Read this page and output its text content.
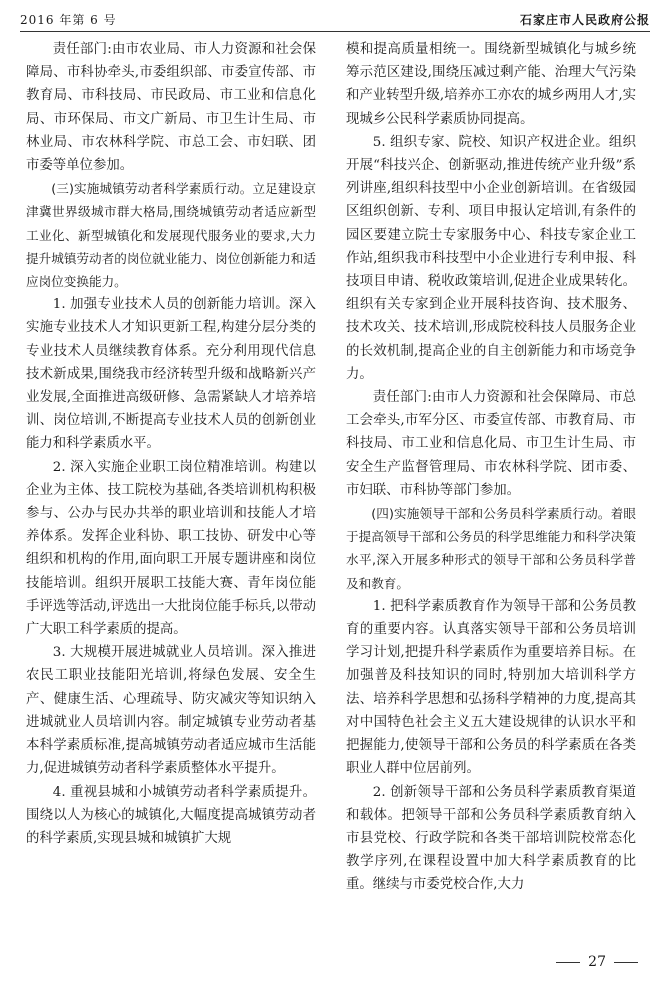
2016 年第 6 号	石家庄市人民政府公报

责任部门:由市农业局、市人力资源和社会保障局、市科协牵头,市委组织部、市委宣传部、市教育局、市科技局、市民政局、市工业和信息化局、市环保局、市文广新局、市卫生计生局、市林业局、市农林科学院、市总工会、市妇联、团市委等单位参加。

(三)实施城镇劳动者科学素质行动。立足建设京津冀世界级城市群大格局,围绕城镇劳动者适应新型工业化、新型城镇化和发展现代服务业的要求,大力提升城镇劳动者的岗位就业能力、岗位创新能力和适应岗位变换能力。

1. 加强专业技术人员的创新能力培训。深入实施专业技术人才知识更新工程,构建分层分类的专业技术人员继续教育体系。充分利用现代信息技术新成果,围绕我市经济转型升级和战略新兴产业发展,全面推进高级研修、急需紧缺人才培养培训、岗位培训,不断提高专业技术人员的创新创业能力和科学素质水平。

2. 深入实施企业职工岗位精准培训。构建以企业为主体、技工院校为基础,各类培训机构积极参与、公办与民办共举的职业培训和技能人才培养体系。发挥企业科协、职工技协、研发中心等组织和机构的作用,面向职工开展专题讲座和岗位技能培训。组织开展职工技能大赛、青年岗位能手评选等活动,评选出一大批岗位能手标兵,以带动广大职工科学素质的提高。

3. 大规模开展进城就业人员培训。深入推进农民工职业技能阳光培训,将绿色发展、安全生产、健康生活、心理疏导、防灾减灾等知识纳入进城就业人员培训内容。制定城镇专业劳动者基本科学素质标准,提高城镇劳动者适应城市生活能力,促进城镇劳动者科学素质整体水平提升。

4. 重视县城和小城镇劳动者科学素质提升。围绕以人为核心的城镇化,大幅度提高城镇劳动者的科学素质,实现县城和城镇扩大规

模和提高质量相统一。围绕新型城镇化与城乡统筹示范区建设,围绕压减过剩产能、治理大气污染和产业转型升级,培养亦工亦农的城乡两用人才,实现城乡公民科学素质协同提高。

5. 组织专家、院校、知识产权进企业。组织开展“科技兴企、创新驱动,推进传统产业升级”系列讲座,组织科技型中小企业创新培训。在省级园区组织创新、专利、项目申报认定培训,有条件的园区要建立院士专家服务中心、科技专家企业工作站,组织我市科技型中小企业进行专利申报、科技项目申请、税收政策培训,促进企业成果转化。组织有关专家到企业开展科技咨询、技术服务、技术攻关、技术培训,形成院校科技人员服务企业的长效机制,提高企业的自主创新能力和市场竞争力。

责任部门:由市人力资源和社会保障局、市总工会牵头,市军分区、市委宣传部、市教育局、市科技局、市工业和信息化局、市卫生计生局、市安全生产监督管理局、市农林科学院、团市委、市妇联、市科协等部门参加。

(四)实施领导干部和公务员科学素质行动。着眼于提高领导干部和公务员的科学思维能力和科学决策水平,深入开展多种形式的领导干部和公务员科学普及和教育。

1. 把科学素质教育作为领导干部和公务员教育的重要内容。认真落实领导干部和公务员培训学习计划,把提升科学素质作为重要培养目标。在加强普及科技知识的同时,特别加大培训科学方法、培养科学思想和弘扬科学精神的力度,提高其对中国特色社会主义五大建设规律的认识水平和把握能力,使领导干部和公务员的科学素质在各类职业人群中位居前列。

2. 创新领导干部和公务员科学素质教育渠道和载体。把领导干部和公务员科学素质教育纳入市县党校、行政学院和各类干部培训院校常态化教学序列,在课程设置中加大科学素质教育的比重。继续与市委党校合作,大力

27
